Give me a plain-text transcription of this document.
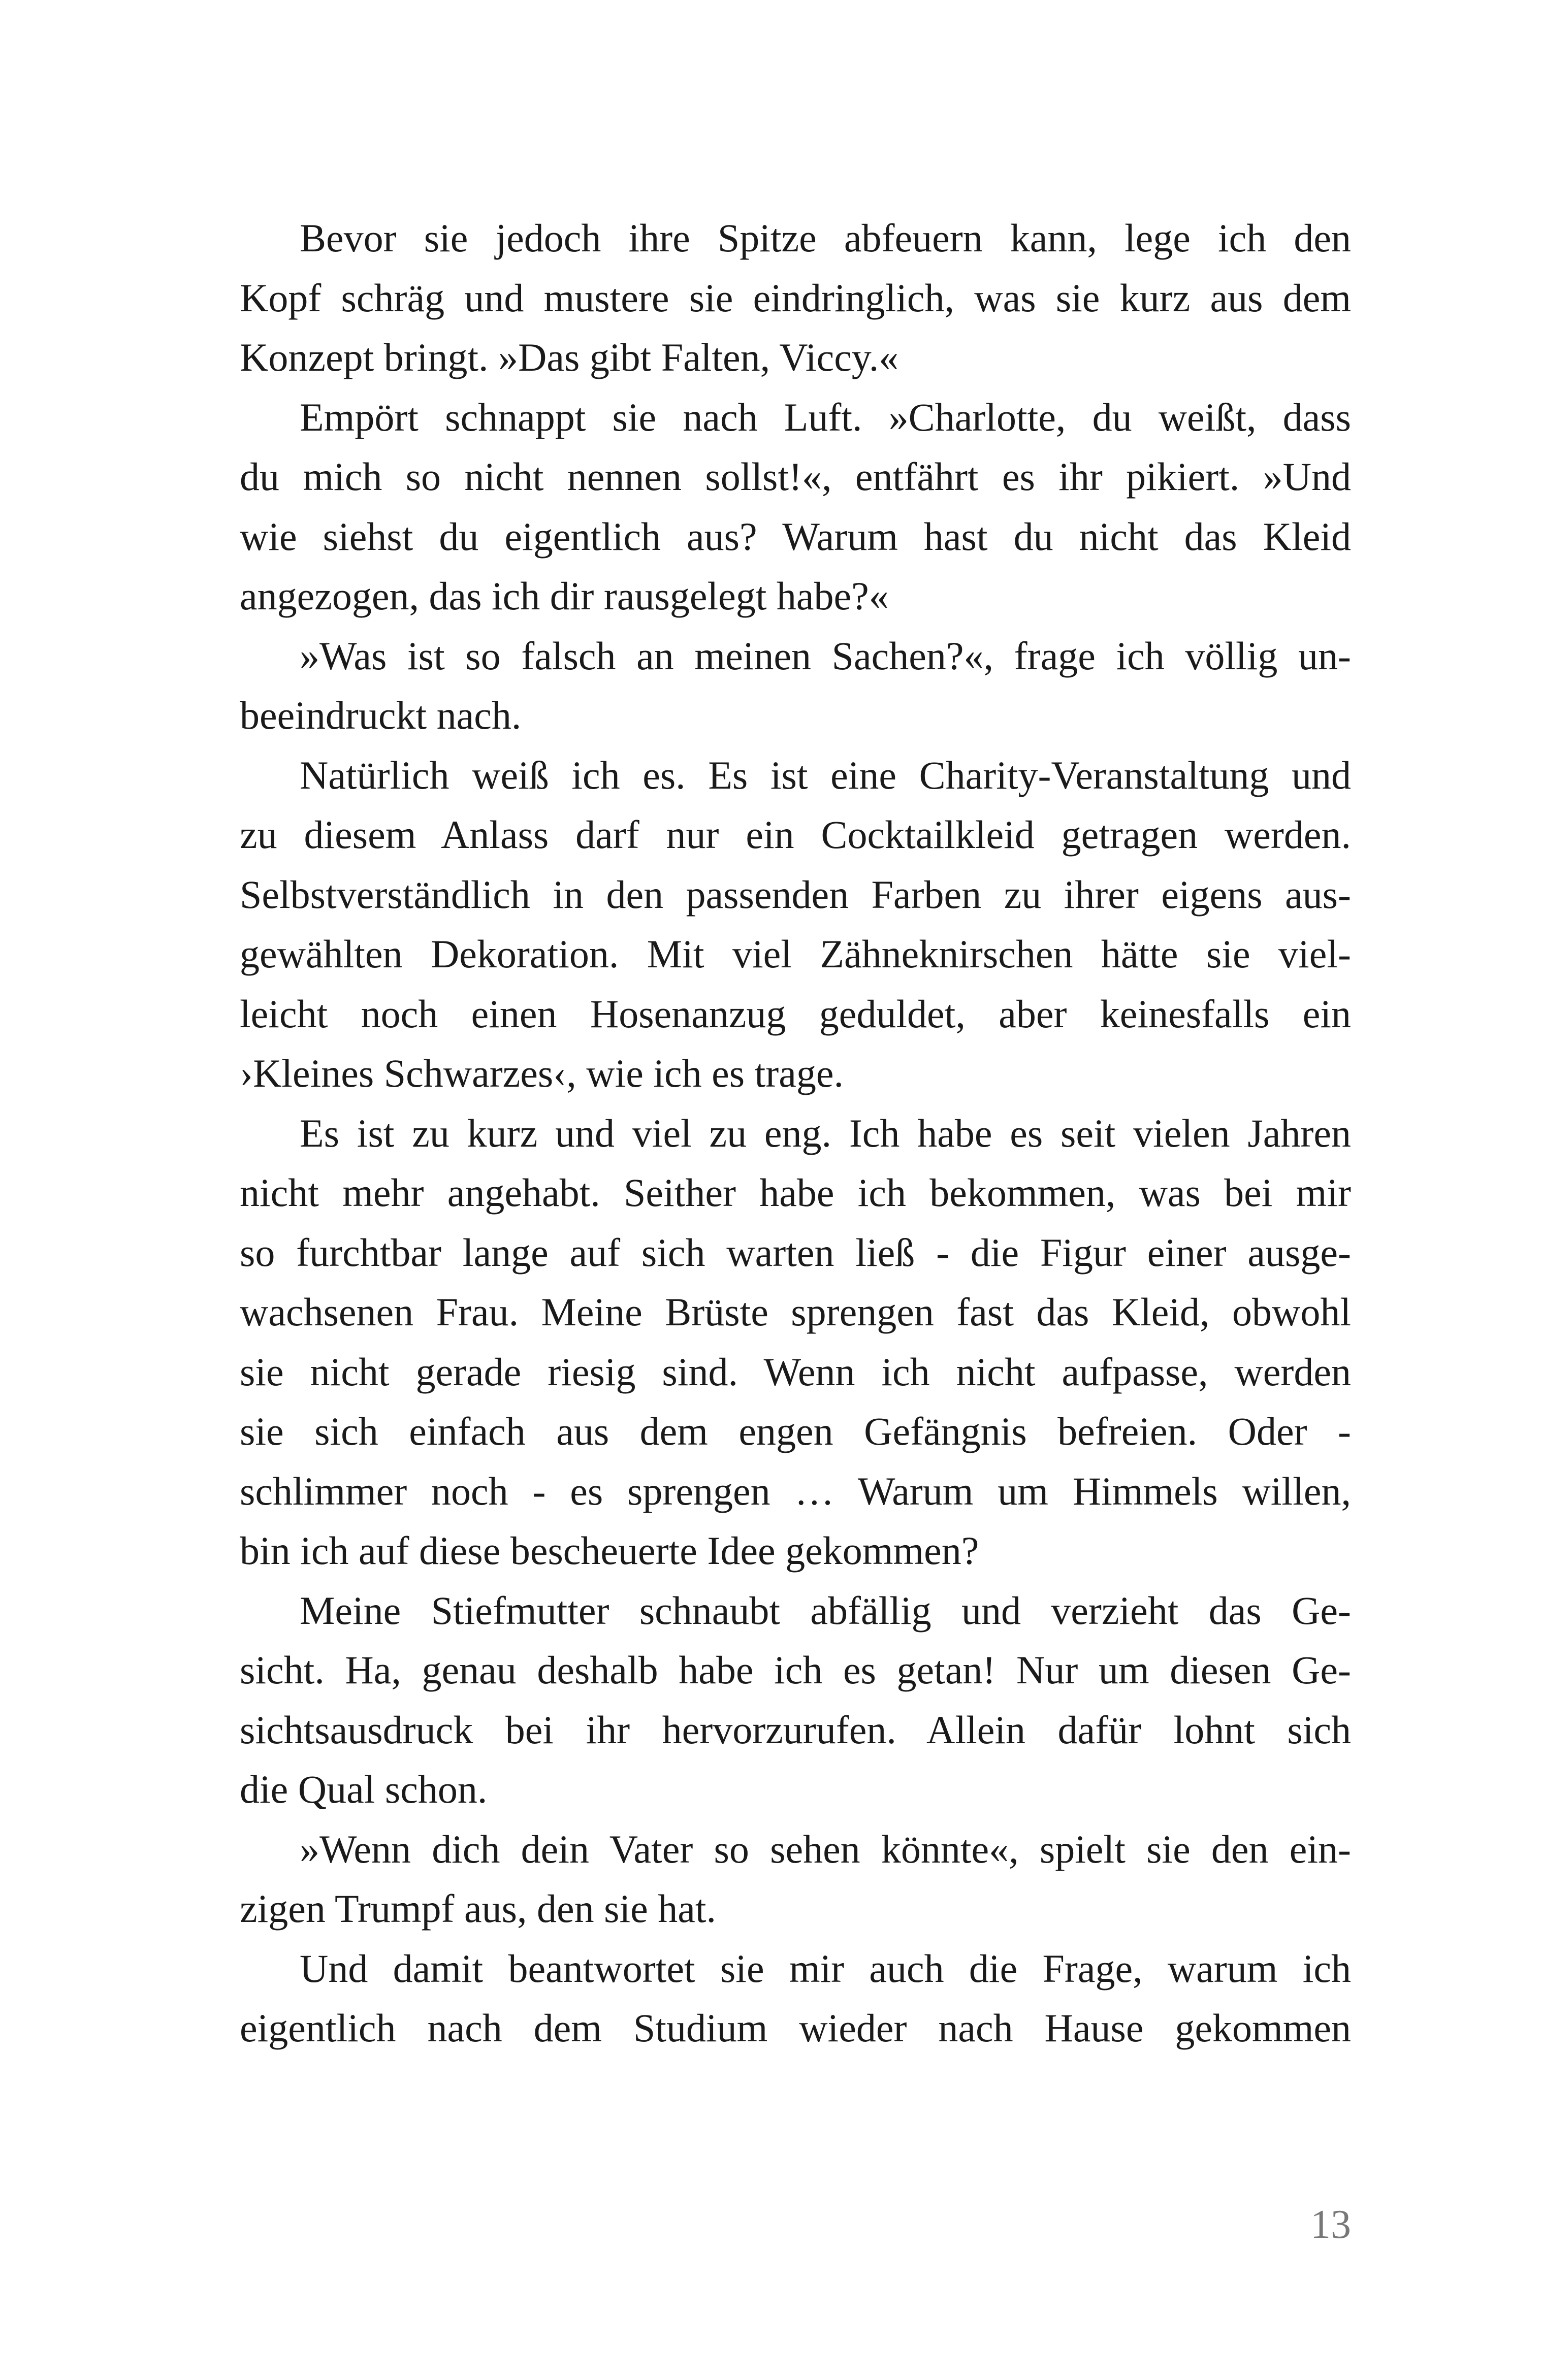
Bevor sie jedoch ihre Spitze abfeuern kann, lege ich den
Kopf schräg und mustere sie eindringlich, was sie kurz aus dem
Konzept bringt. »Das gibt Falten, Viccy.«
Empört schnappt sie nach Luft. »Charlotte, du weißt, dass
du mich so nicht nennen sollst!«, entfährt es ihr pikiert. »Und
wie siehst du eigentlich aus? Warum hast du nicht das Kleid
angezogen, das ich dir rausgelegt habe?«
»Was ist so falsch an meinen Sachen?«, frage ich völlig un-
beeindruckt nach.
Natürlich weiß ich es. Es ist eine Charity-Veranstaltung und
zu diesem Anlass darf nur ein Cocktailkleid getragen werden.
Selbstverständlich in den passenden Farben zu ihrer eigens aus-
gewählten Dekoration. Mit viel Zähneknirschen hätte sie viel-
leicht noch einen Hosenanzug geduldet, aber keinesfalls ein
›Kleines Schwarzes‹, wie ich es trage.
Es ist zu kurz und viel zu eng. Ich habe es seit vielen Jahren
nicht mehr angehabt. Seither habe ich bekommen, was bei mir
so furchtbar lange auf sich warten ließ - die Figur einer ausge-
wachsenen Frau. Meine Brüste sprengen fast das Kleid, obwohl
sie nicht gerade riesig sind. Wenn ich nicht aufpasse, werden
sie sich einfach aus dem engen Gefängnis befreien. Oder -
schlimmer noch - es sprengen … Warum um Himmels willen,
bin ich auf diese bescheuerte Idee gekommen?
Meine Stiefmutter schnaubt abfällig und verzieht das Ge-
sicht. Ha, genau deshalb habe ich es getan! Nur um diesen Ge-
sichtsausdruck bei ihr hervorzurufen. Allein dafür lohnt sich
die Qual schon.
»Wenn dich dein Vater so sehen könnte«, spielt sie den ein-
zigen Trumpf aus, den sie hat.
Und damit beantwortet sie mir auch die Frage, warum ich
eigentlich nach dem Studium wieder nach Hause gekommen
13
